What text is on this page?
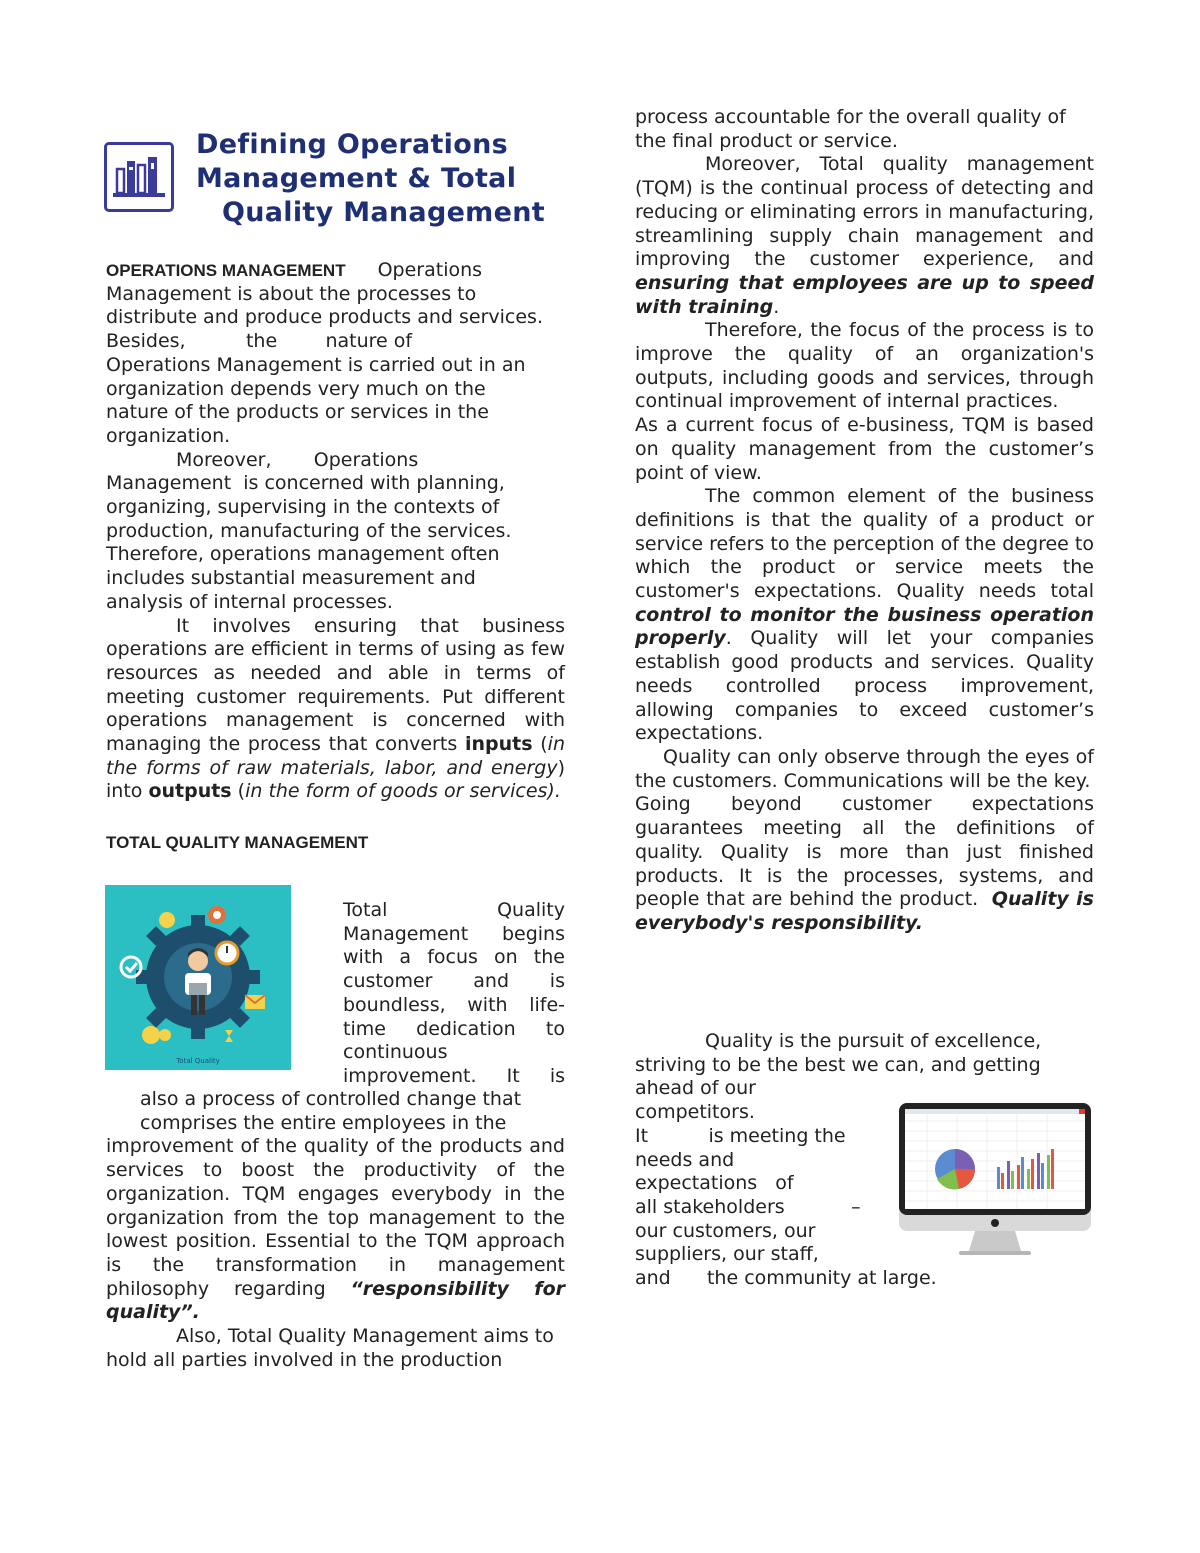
Defining Operations
Management & Total
Quality Management

OPERATIONS MANAGEMENT Operations

Management is about the processes to

distribute and produce products and services.

Besides,          the        nature of

Operations Management is carried out in an

organization depends very much on the

nature of the products or services in the

organization.

Moreover,       Operations

Management  is concerned with planning,

organizing, supervising in the contexts of

production, manufacturing of the services.

Therefore, operations management often

includes substantial measurement and

analysis of internal processes.

It involves ensuring that business operations are efficient in terms of using as few resources as needed and able in terms of meeting customer requirements. Put different operations management is concerned with managing the process that converts inputs (in the forms of raw materials, labor, and energy) into outputs (in the form of goods or services).

TOTAL QUALITY MANAGEMENT

Total Quality

Total Quality Management begins with a focus on the customer and is boundless, with life-time dedication to continuous improvement. It is

also a process of controlled change that

comprises the entire employees in the

improvement of the quality of the products and services to boost the productivity of the organization. TQM engages everybody in the organization from the top management to the lowest position. Essential to the TQM approach is the transformation in management philosophy regarding “responsibility for quality”.

Also, Total Quality Management aims to hold all parties involved in the production

process accountable for the overall quality of the final product or service.

Moreover, Total quality management (TQM) is the continual process of detecting and reducing or eliminating errors in manufacturing, streamlining supply chain management and improving the customer experience, and ensuring that employees are up to speed with training.

Therefore, the focus of the process is to improve the quality of an organization's outputs, including goods and services, through continual improvement of internal practices.

As a current focus of e-business, TQM is based on quality management from the customer’s point of view.

The common element of the business definitions is that the quality of a product or service refers to the perception of the degree to which the product or service meets the customer's expectations. Quality needs total control to monitor the business operation properly. Quality will let your companies establish good products and services. Quality needs controlled process improvement, allowing companies to exceed customer’s expectations.

Quality can only observe through the eyes of the customers. Communications will be the key.

Going beyond customer expectations guarantees meeting all the definitions of quality. Quality is more than just finished products. It is the processes, systems, and people that are behind the product.  Quality is everybody's responsibility.

Quality is the pursuit of excellence,

striving to be the best we can, and getting

ahead of our

competitors.

It          is meeting the

needs and

expectations   of

all stakeholders           –

our customers, our

suppliers, our staff,

and      the community at large.
